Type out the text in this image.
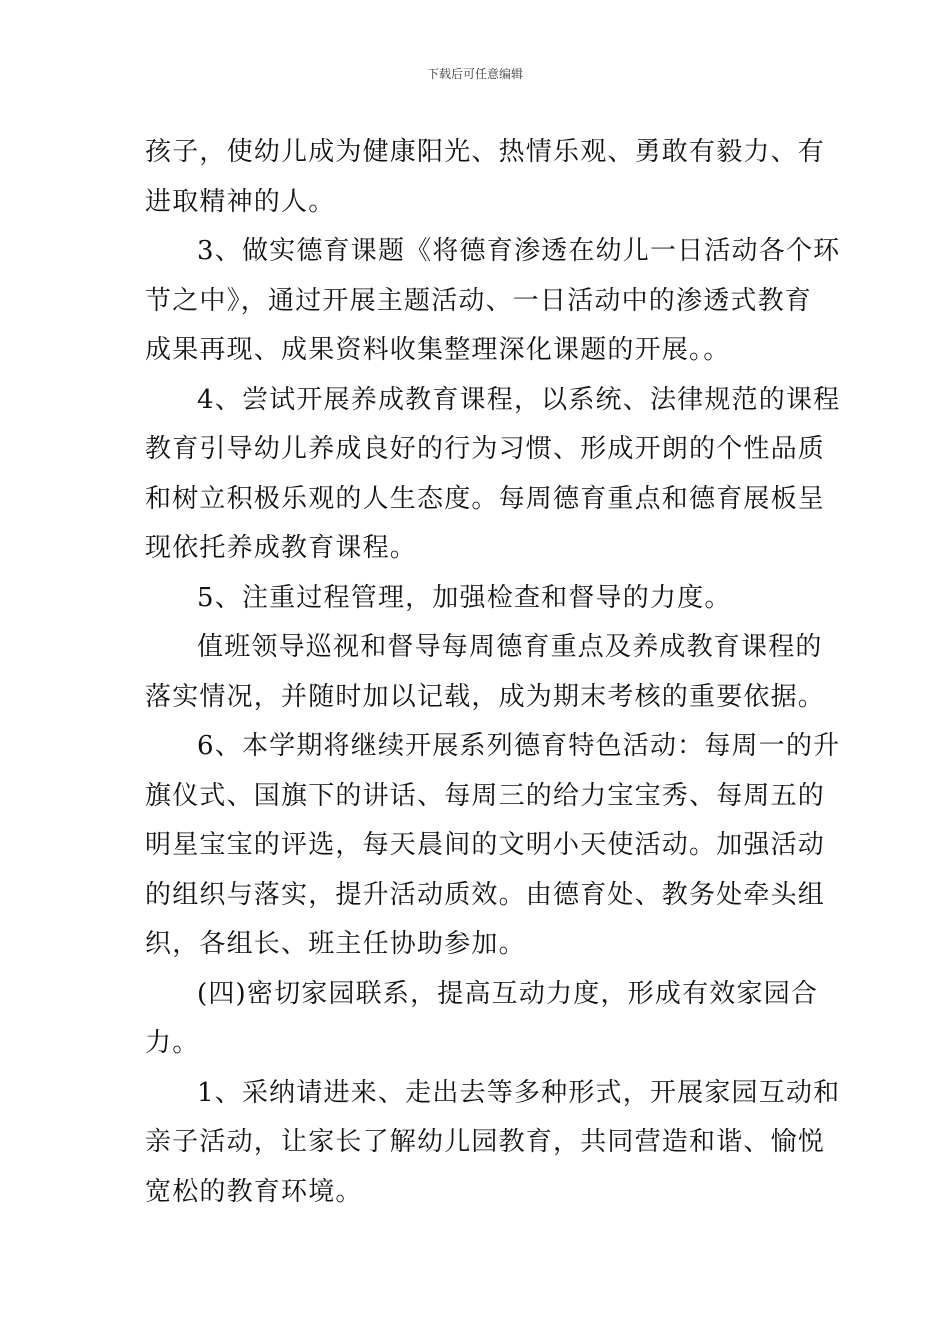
下载后可任意编辑
孩子，使幼儿成为健康阳光、热情乐观、勇敢有毅力、有
进取精神的人。
3、做实德育课题《将德育渗透在幼儿一日活动各个环
节之中》，通过开展主题活动、一日活动中的渗透式教育
成果再现、成果资料收集整理深化课题的开展。。
4、尝试开展养成教育课程，以系统、法律规范的课程
教育引导幼儿养成良好的行为习惯、形成开朗的个性品质
和树立积极乐观的人生态度。每周德育重点和德育展板呈
现依托养成教育课程。
5、注重过程管理，加强检查和督导的力度。
值班领导巡视和督导每周德育重点及养成教育课程的
落实情况，并随时加以记载，成为期末考核的重要依据。
6、本学期将继续开展系列德育特色活动：每周一的升
旗仪式、国旗下的讲话、每周三的给力宝宝秀、每周五的
明星宝宝的评选，每天晨间的文明小天使活动。加强活动
的组织与落实，提升活动质效。由德育处、教务处牵头组
织，各组长、班主任协助参加。
(四)密切家园联系，提高互动力度，形成有效家园合
力。
1、采纳请进来、走出去等多种形式，开展家园互动和
亲子活动，让家长了解幼儿园教育，共同营造和谐、愉悦
宽松的教育环境。
